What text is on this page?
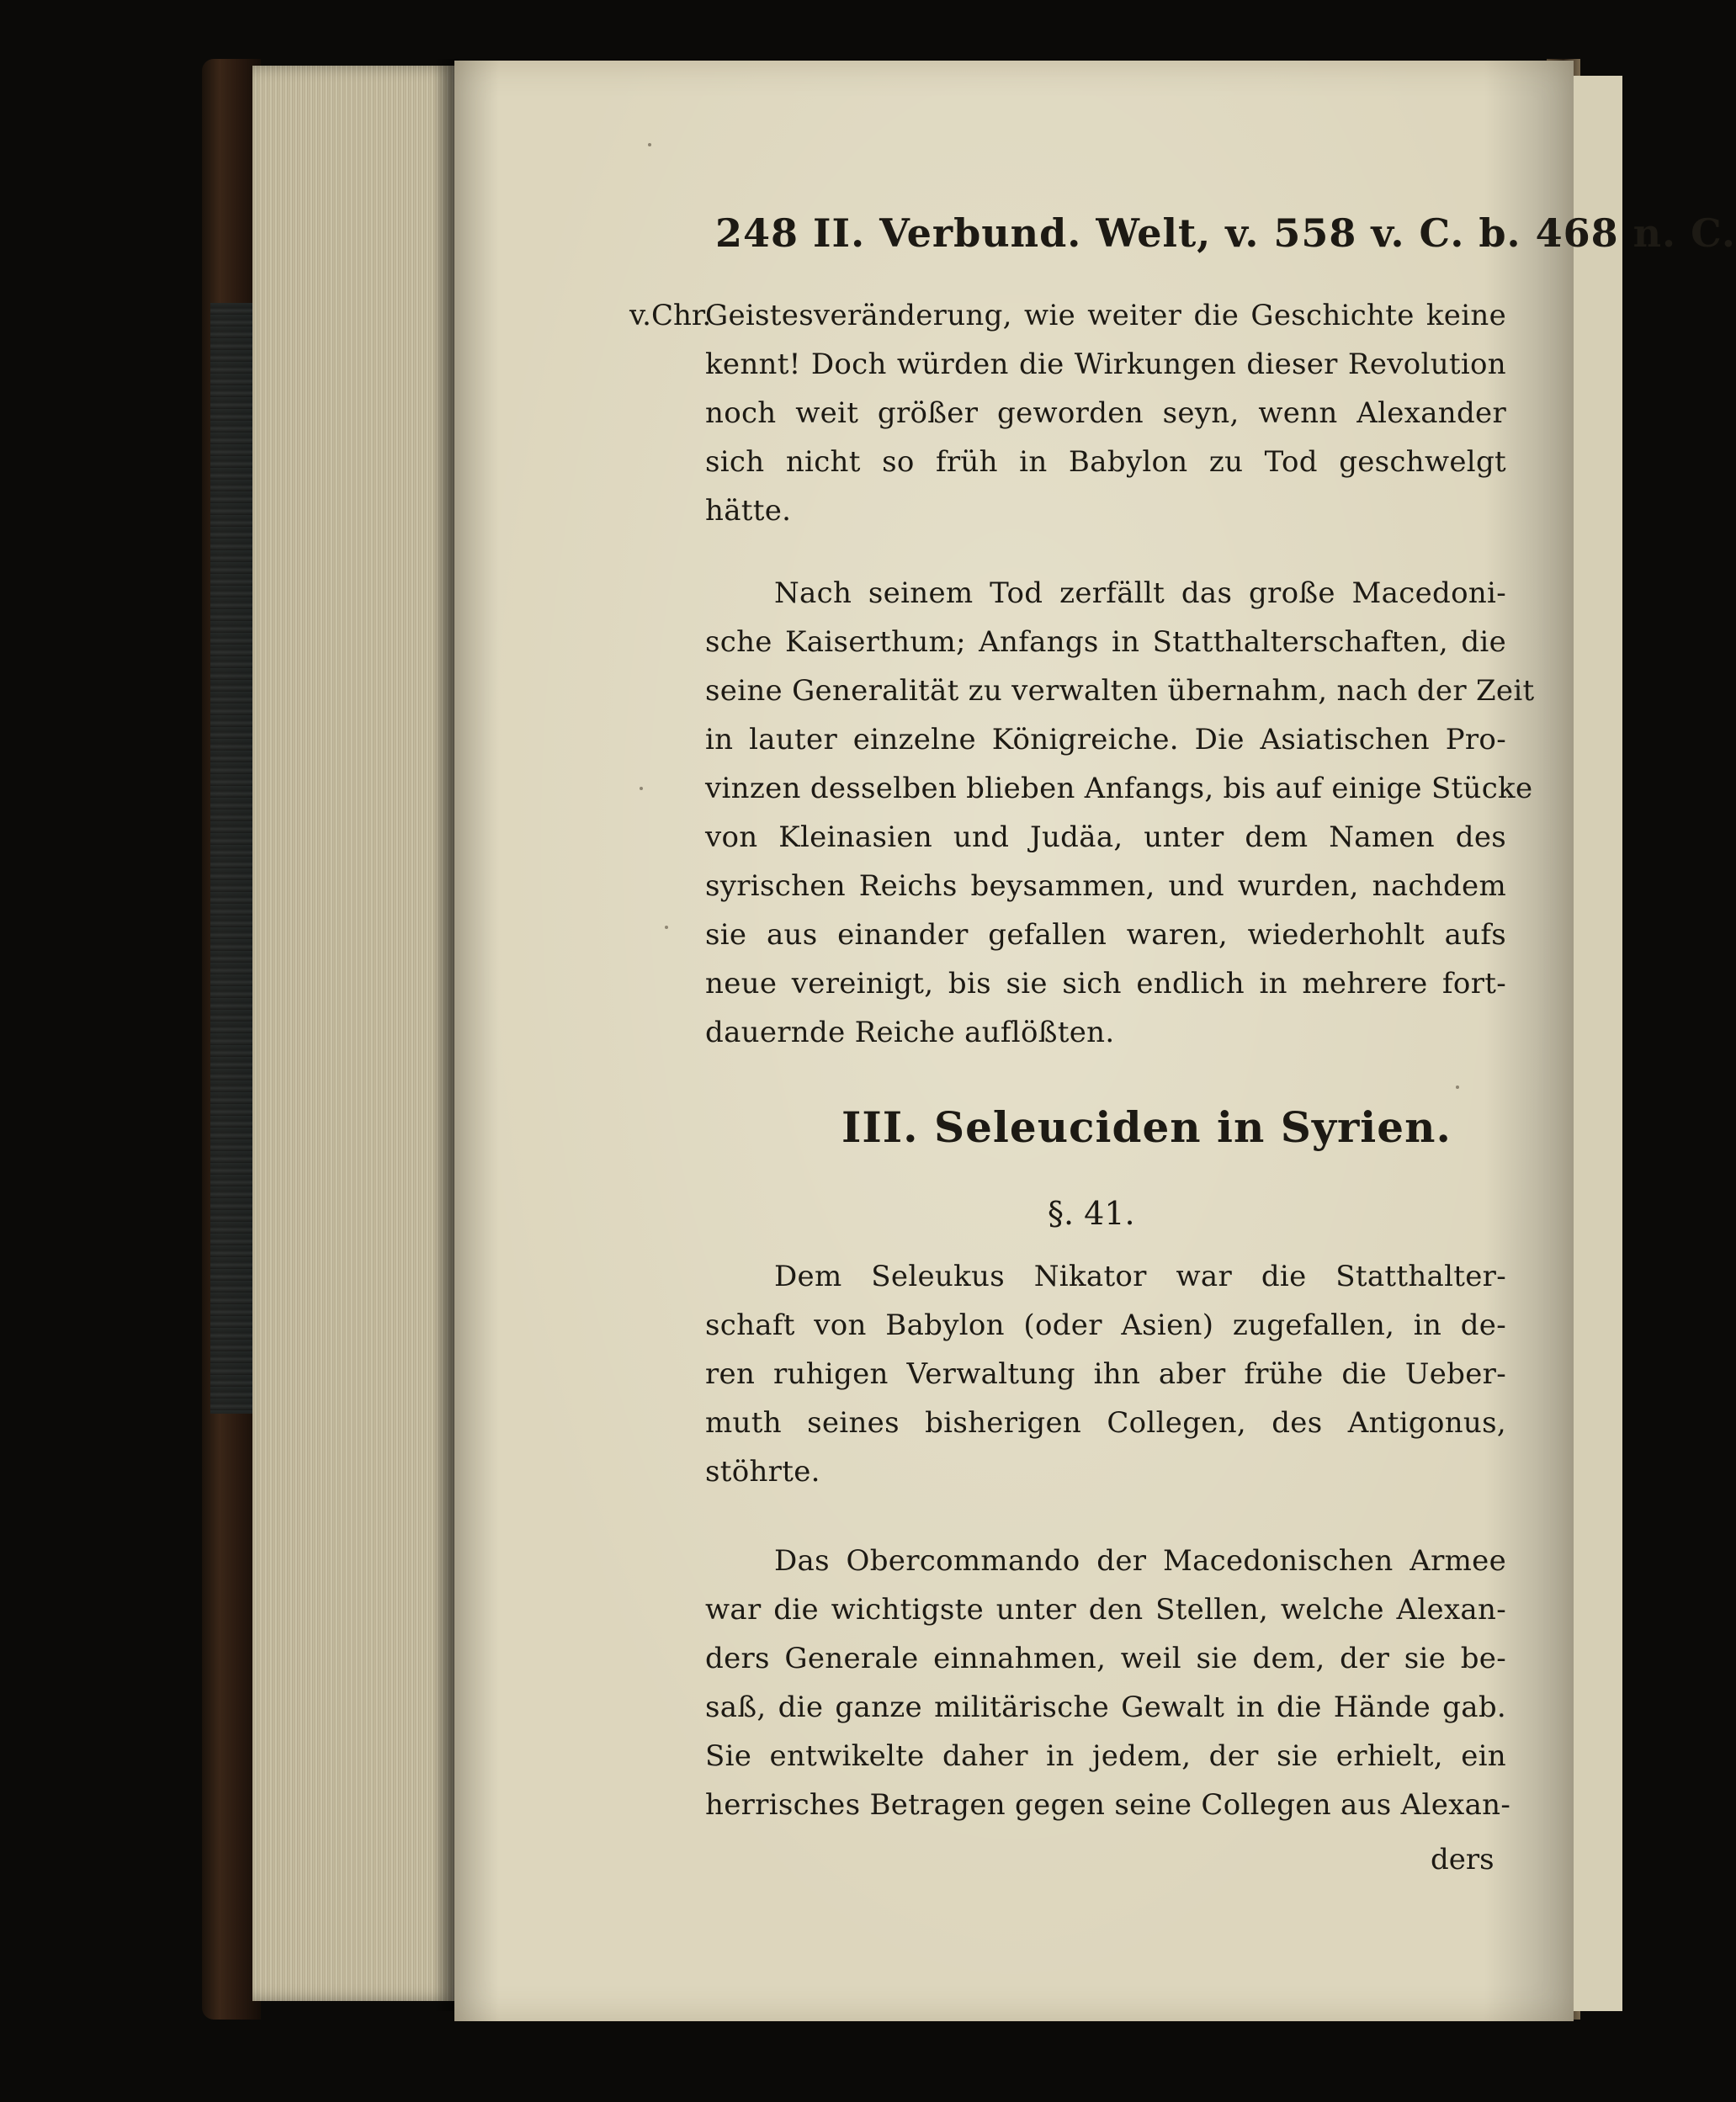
248 II. Verbund. Welt, v. 558 v. C. b. 468 n. C.
v.Chr.
Geistesveränderung, wie weiter die Geschichte keine
kennt! Doch würden die Wirkungen dieser Revolution
noch weit größer geworden seyn, wenn Alexander
sich nicht so früh in Babylon zu Tod geschwelgt
hätte.
Nach seinem Tod zerfällt das große Macedoni-
sche Kaiserthum; Anfangs in Statthalterschaften, die
seine Generalität zu verwalten übernahm, nach der Zeit
in lauter einzelne Königreiche. Die Asiatischen Pro-
vinzen desselben blieben Anfangs, bis auf einige Stücke
von Kleinasien und Judäa, unter dem Namen des
syrischen Reichs beysammen, und wurden, nachdem
sie aus einander gefallen waren, wiederhohlt aufs
neue vereinigt, bis sie sich endlich in mehrere fort-
dauernde Reiche auflößten.
III. Seleuciden in Syrien.
§. 41.
Dem Seleukus Nikator war die Statthalter-
schaft von Babylon (oder Asien) zugefallen, in de-
ren ruhigen Verwaltung ihn aber frühe die Ueber-
muth seines bisherigen Collegen, des Antigonus,
stöhrte.
Das Obercommando der Macedonischen Armee
war die wichtigste unter den Stellen, welche Alexan-
ders Generale einnahmen, weil sie dem, der sie be-
saß, die ganze militärische Gewalt in die Hände gab.
Sie entwikelte daher in jedem, der sie erhielt, ein
herrisches Betragen gegen seine Collegen aus Alexan-
ders
